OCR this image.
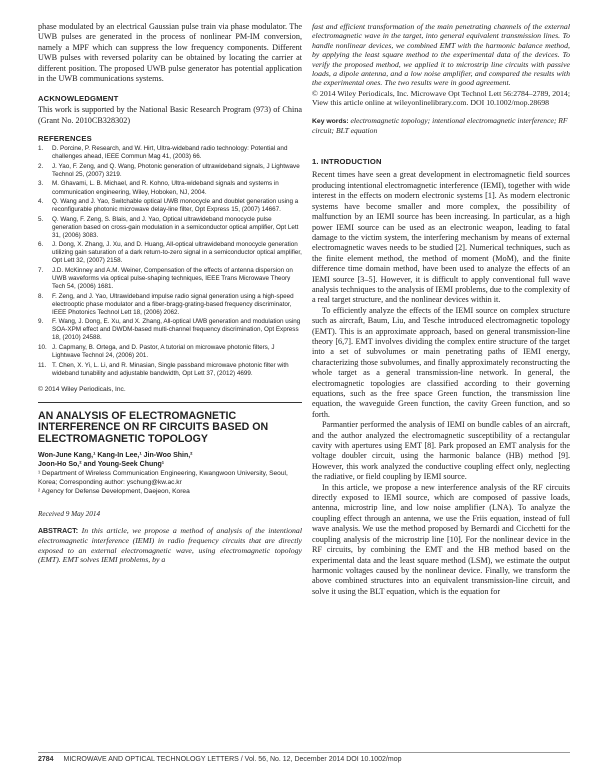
phase modulated by an electrical Gaussian pulse train via phase modulator. The UWB pulses are generated in the process of nonlinear PM-IM conversion, namely a MPF which can suppress the low frequency components. Different UWB pulses with reversed polarity can be obtained by locating the carrier at different position. The proposed UWB pulse generator has potential application in the UWB communications systems.

ACKNOWLEDGMENT

This work is supported by the National Basic Research Program (973) of China (Grant No. 2010CB328302)

REFERENCES
1. D. Porcine, P. Research, and W. Hirt, Ultra-wideband radio technology: Potential and challenges ahead, IEEE Commun Mag 41, (2003) 66.
2. J. Yao, F. Zeng, and Q. Wang, Photonic generation of ultrawideband signals, J Lightwave Technol 25, (2007) 3219.
3. M. Ghavami, L. B. Michael, and R. Kohno, Ultra-wideband signals and systems in communication engineering, Wiley, Hoboken, NJ, 2004.
4. Q. Wang and J. Yao, Switchable optical UWB monocycle and doublet generation using a reconfigurable photonic microwave delay-line filter, Opt Express 15, (2007) 14667.
5. Q. Wang, F. Zeng, S. Blais, and J. Yao, Optical ultrawideband monocycle pulse generation based on cross-gain modulation in a semiconductor optical amplifier, Opt Lett 31, (2006) 3083.
6. J. Dong, X. Zhang, J. Xu, and D. Huang, All-optical ultrawideband monocycle generation utilizing gain saturation of a dark return-to-zero signal in a semiconductor optical amplifier, Opt Lett 32, (2007) 2158.
7. J.D. McKinney and A.M. Weiner, Compensation of the effects of antenna dispersion on UWB waveforms via optical pulse-shaping techniques, IEEE Trans Microwave Theory Tech 54, (2006) 1681.
8. F. Zeng, and J. Yao, Ultrawideband impulse radio signal generation using a high-speed electrooptic phase modulator and a fiber-bragg-grating-based frequency discriminator, IEEE Photonics Technol Lett 18, (2006) 2062.
9. F. Wang, J. Dong, E. Xu, and X. Zhang, All-optical UWB generation and modulation using SOA-XPM effect and DWDM-based multi-channel frequency discrimination, Opt Express 18, (2010) 24588.
10. J. Capmany, B. Ortega, and D. Pastor, A tutorial on microwave photonic filters, J Lightwave Technol 24, (2006) 201.
11. T. Chen, X. Yi, L. Li, and R. Minasian, Single passband microwave photonic filter with wideband tunability and adjustable bandwidth, Opt Lett 37, (2012) 4699.

© 2014 Wiley Periodicals, Inc.

AN ANALYSIS OF ELECTROMAGNETIC INTERFERENCE ON RF CIRCUITS BASED ON ELECTROMAGNETIC TOPOLOGY
Won-June Kang,¹ Kang-In Lee,¹ Jin-Woo Shin,²
Joon-Ho So,² and Young-Seek Chung¹
¹ Department of Wireless Communication Engineering, Kwangwoon University, Seoul, Korea; Corresponding author: yschung@kw.ac.kr
² Agency for Defense Development, Daejeon, Korea

Received 9 May 2014

ABSTRACT: In this article, we propose a method of analysis of the intentional electromagnetic interference (IEMI) in radio frequency circuits that are directly exposed to an external electromagnetic wave, using electromagnetic topology (EMT). EMT solves IEMI problems, by a

fast and efficient transformation of the main penetrating channels of the external electromagnetic wave in the target, into general equivalent transmission lines. To handle nonlinear devices, we combined EMT with the harmonic balance method, by applying the least square method to the experimental data of the devices. To verify the proposed method, we applied it to microstrip line circuits with passive loads, a dipole antenna, and a low noise amplifier, and compared the results with the experimental ones. The two results were in good agreement.

© 2014 Wiley Periodicals, Inc. Microwave Opt Technol Lett 56:2784–2789, 2014; View this article online at wileyonlinelibrary.com. DOI 10.1002/mop.28698

Key words: electromagnetic topology; intentional electromagnetic interference; RF circuit; BLT equation

1. INTRODUCTION

Recent times have seen a great development in electromagnetic field sources producing intentional electromagnetic interference (IEMI), together with wide interest in the effects on modern electronic systems [1]. As modern electronic systems have become smaller and more complex, the possibility of malfunction by an IEMI source has been increasing. In particular, as a high power IEMI source can be used as an electronic weapon, leading to fatal damage to the victim system, the interfering mechanism by means of external electromagnetic waves needs to be studied [2]. Numerical techniques, such as the finite element method, the method of moment (MoM), and the finite difference time domain method, have been used to analyze the effects of an IEMI source [3–5]. However, it is difficult to apply conventional full wave analysis techniques to the analysis of IEMI problems, due to the complexity of a real target structure, and the nonlinear devices within it.

To efficiently analyze the effects of the IEMI source on complex structure such as aircraft, Baum, Liu, and Tesche introduced electromagnetic topology (EMT). This is an approximate approach, based on general transmission-line theory [6,7]. EMT involves dividing the complex entire structure of the target into a set of subvolumes or main penetrating paths of IEMI energy, characterizing those subvolumes, and finally approximately reconstructing the whole target as a general transmission-line network. In general, the electromagnetic topologies are classified according to their governing equations, such as the free space Green function, the transmission line equation, the waveguide Green function, the cavity Green function, and so forth.

Parmantier performed the analysis of IEMI on bundle cables of an aircraft, and the author analyzed the electromagnetic susceptibility of a rectangular cavity with apertures using EMT [8]. Park proposed an EMT analysis for the voltage doubler circuit, using the harmonic balance (HB) method [9]. However, this work analyzed the conductive coupling effect only, neglecting the radiative, or field coupling by IEMI source.

In this article, we propose a new interference analysis of the RF circuits directly exposed to IEMI source, which are composed of passive loads, antenna, microstrip line, and low noise amplifier (LNA). To analyze the coupling effect through an antenna, we use the Friis equation, instead of full wave analysis. We use the method proposed by Bernardi and Cicchetti for the coupling analysis of the microstrip line [10]. For the nonlinear device in the RF circuits, by combining the EMT and the HB method based on the experimental data and the least square method (LSM), we estimate the output harmonic voltages caused by the nonlinear device. Finally, we transform the above combined structures into an equivalent transmission-line circuit, and solve it using the BLT equation, which is the equation for

2784 MICROWAVE AND OPTICAL TECHNOLOGY LETTERS / Vol. 56, No. 12, December 2014 DOI 10.1002/mop
